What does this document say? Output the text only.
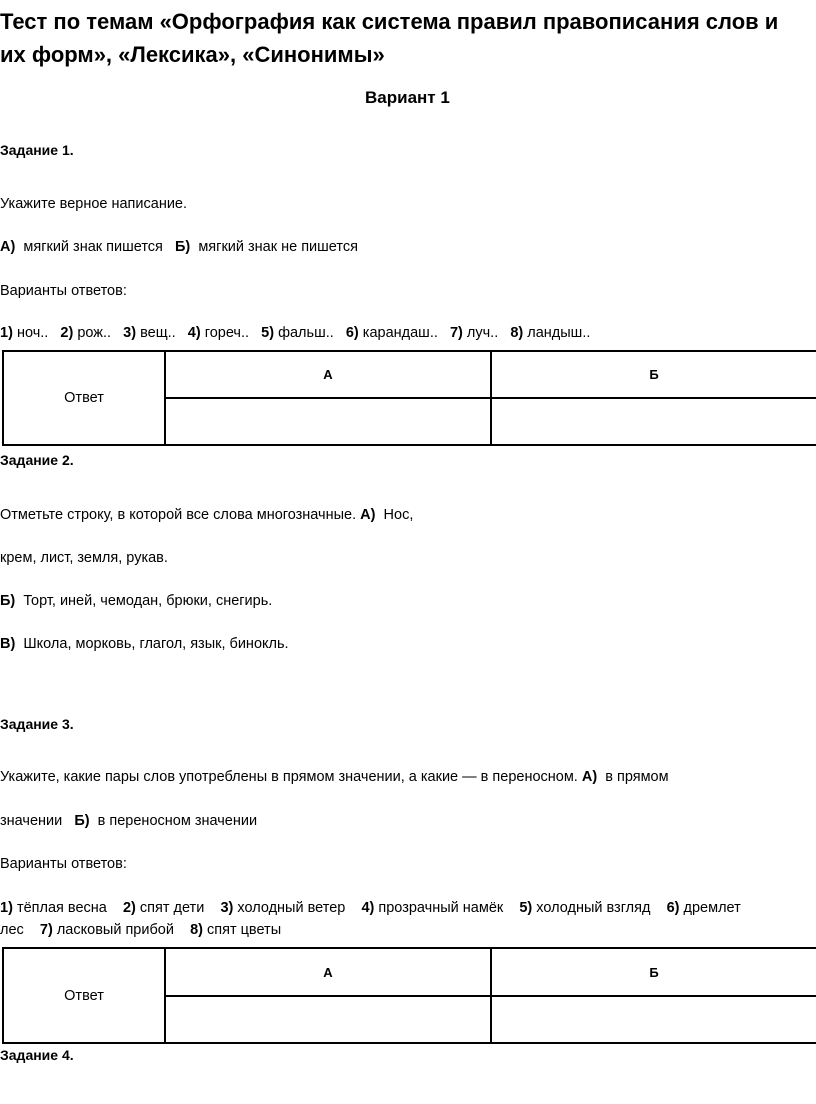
Тест по темам «Орфография как система правил правописания слов и
их форм», «Лексика», «Синонимы»
Вариант 1
Задание 1.
Укажите верное написание.
А) мягкий знак пишется Б) мягкий знак не пишется
Варианты ответов:
1) ноч.. 2) рож.. 3) вещ.. 4) гореч.. 5) фальш.. 6) карандаш.. 7) луч.. 8) ландыш..
Ответ	А	Б

Задание 2.
Отметьте строку, в которой все слова многозначные. А) Нос,
крем, лист, земля, рукав.
Б) Торт, иней, чемодан, брюки, снегирь.
В) Школа, морковь, глагол, язык, бинокль.
Задание 3.
Укажите, какие пары слов употреблены в прямом значении, а какие — в переносном. А) в прямом
значении Б) в переносном значении
Варианты ответов:
1) тёплая весна 2) спят дети 3) холодный ветер 4) прозрачный намёк 5) холодный взгляд 6) дремлет
лес 7) ласковый прибой 8) спят цветы
Ответ	А	Б

Задание 4.
